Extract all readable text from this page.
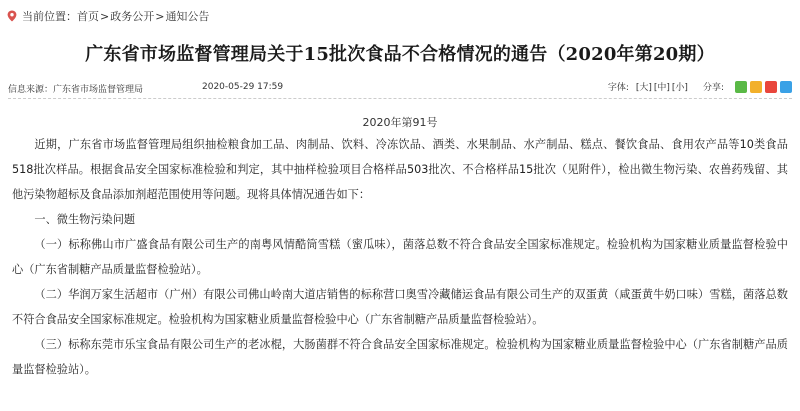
当前位置： 首页 > 政务公开 > 通知公告
广东省市场监督管理局关于15批次食品不合格情况的通告（2020年第20期）
信息来源：广东省市场监督管理局	2020-05-29 17:59	字体: [大] [中] [小] 分享:
2020年第91号

近期，广东省市场监督管理局组织抽检粮食加工品、肉制品、饮料、冷冻饮品、酒类、水果制品、水产制品、糕点、餐饮食品、食用农产品等10类食品518批次样品。根据食品安全国家标准检验和判定，其中抽样检验项目合格样品503批次、不合格样品15批次（见附件），检出微生物污染、农兽药残留、其他污染物超标及食品添加剂超范围使用等问题。现将具体情况通告如下：

一、微生物污染问题

（一）标称佛山市广盛食品有限公司生产的南粤风情酷筒雪糕（蜜瓜味），菌落总数不符合食品安全国家标准规定。检验机构为国家糖业质量监督检验中心（广东省制糖产品质量监督检验站）。

（二）华润万家生活超市（广州）有限公司佛山岭南大道店销售的标称营口奥雪冷藏储运食品有限公司生产的双蛋黄（咸蛋黄牛奶口味）雪糕，菌落总数不符合食品安全国家标准规定。检验机构为国家糖业质量监督检验中心（广东省制糖产品质量监督检验站）。

（三）标称东莞市乐宝食品有限公司生产的老冰棍，大肠菌群不符合食品安全国家标准规定。检验机构为国家糖业质量监督检验中心（广东省制糖产品质量监督检验站）。
